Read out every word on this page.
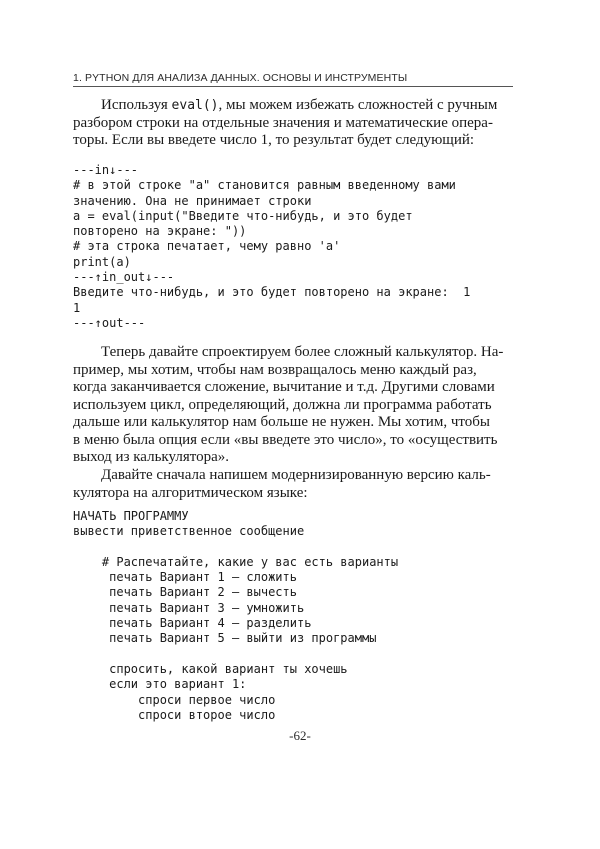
1. PYTHON ДЛЯ АНАЛИЗА ДАННЫХ. ОСНОВЫ И ИНСТРУМЕНТЫ

Используя eval(), мы можем избежать сложностей с ручным
разбором строки на отдельные значения и математические опера-
торы. Если вы введете число 1, то результат будет следующий:

---in↓---
# в этой строке "a" становится равным введенному вами
значению. Она не принимает строки
a = eval(input("Введите что-нибудь, и это будет
повторено на экране: "))
# эта строка печатает, чему равно 'a'
print(a)
---↑in_out↓---
Введите что-нибудь, и это будет повторено на экране:  1
1
---↑out---

Теперь давайте спроектируем более сложный калькулятор. На-
пример, мы хотим, чтобы нам возвращалось меню каждый раз,
когда заканчивается сложение, вычитание и т.д. Другими словами
используем цикл, определяющий, должна ли программа работать
дальше или калькулятор нам больше не нужен. Мы хотим, чтобы
в меню была опция если «вы введете это число», то «осуществить
выход из калькулятора».

Давайте сначала напишем модернизированную версию каль-
кулятора на алгоритмическом языке:

НАЧАТЬ ПРОГРАММУ
вывести приветственное сообщение

# Распечатайте, какие у вас есть варианты
печать Вариант 1 — сложить
печать Вариант 2 — вычесть
печать Вариант 3 — умножить
печать Вариант 4 — разделить
печать Вариант 5 — выйти из программы

спросить, какой вариант ты хочешь
если это вариант 1:
спроси первое число
спроси второе число
-62-
